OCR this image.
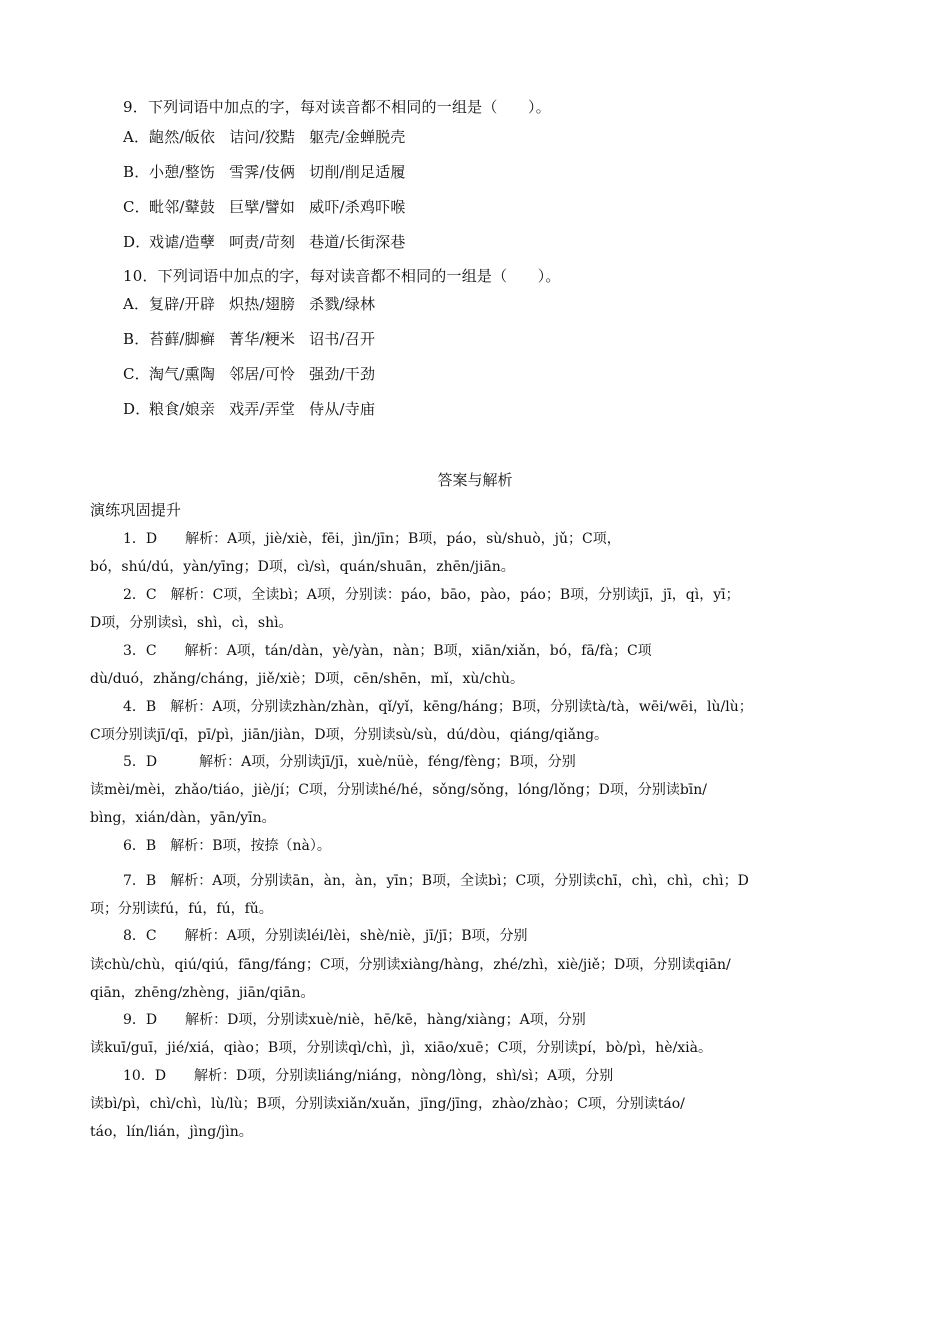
9．下列词语中加点的字，每对读音都不相同的一组是（　　）。
A．龅然/皈依 诘问/狡黠 躯壳/金蝉脱壳
B．小憩/整饬 雪霁/伎俩 切削/削足适履
C．毗邻/鼙鼓 巨擘/譬如 威吓/杀鸡吓喉
D．戏谑/造孽 呵责/苛刻 巷道/长街深巷
10．下列词语中加点的字，每对读音都不相同的一组是（　　）。
A．复辟/开辟 炽热/翅膀 杀戮/绿林
B．苔藓/脚癣 菁华/粳米 诏书/召开
C．淘气/熏陶 邻居/可怜 强劲/干劲
D．粮食/娘亲 戏弄/弄堂 侍从/寺庙
答案与解析
演练巩固提升
1．D　　解析：A项，jiè/xiè，fēi，jìn/jīn；B项，páo，sù/shuò，jǔ；C项，
bó，shú/dú，yàn/yīng；D项，cì/sì，quán/shuān，zhēn/jiān。
2．C　解析：C项，全读bì；A项，分别读：páo，bāo，pào，páo；B项，分别读jī，jī，qì，yī；
D项，分别读sì，shì，cì，shì。
3．C　　解析：A项，tán/dàn，yè/yàn，nàn；B项，xiān/xiǎn，bó，fā/fà；C项
dù/duó，zhǎng/cháng，jiě/xiè；D项，cēn/shēn，mǐ，xù/chù。
4．B　解析：A项，分别读zhàn/zhàn，qǐ/yǐ，kēng/háng；B项，分别读tà/tà，wēi/wēi，lù/lù；
C项分别读jī/qī，pī/pì，jiān/jiàn，D项，分别读sù/sù，dú/dòu，qiáng/qiǎng。
5．D　　　解析：A项，分别读jī/jī，xuè/nüè，féng/fèng；B项，分别
读mèi/mèi，zhǎo/tiáo，jiè/jí；C项，分别读hé/hé，sǒng/sǒng，lóng/lǒng；D项，分别读bīn/
bìng，xián/dàn，yān/yīn。
6．B　解析：B项，按捺（nà）。
7．B　解析：A项，分别读ān，àn，àn，yīn；B项，全读bì；C项，分别读chī，chì，chì，chì；D
项；分别读fú，fú，fú，fǔ。
8．C　　解析：A项，分别读léi/lèi，shè/niè，jī/jī；B项，分别
读chù/chù，qiú/qiú，fāng/fáng；C项，分别读xiàng/hàng，zhé/zhì，xiè/jiě；D项，分别读qiān/
qiān，zhēng/zhèng，jiān/qiān。
9．D　　解析：D项，分别读xuè/niè，hē/kē，hàng/xiàng；A项，分别
读kuī/guī，jié/xiá，qiào；B项，分别读qì/chì，jì，xiāo/xuē；C项，分别读pí，bò/pì，hè/xià。
10．D　　解析：D项，分别读liáng/niáng，nòng/lòng，shì/sì；A项，分别
读bì/pì，chì/chì，lù/lù；B项，分别读xiǎn/xuǎn，jīng/jīng，zhào/zhào；C项，分别读táo/
táo，lín/lián，jìng/jìn。
